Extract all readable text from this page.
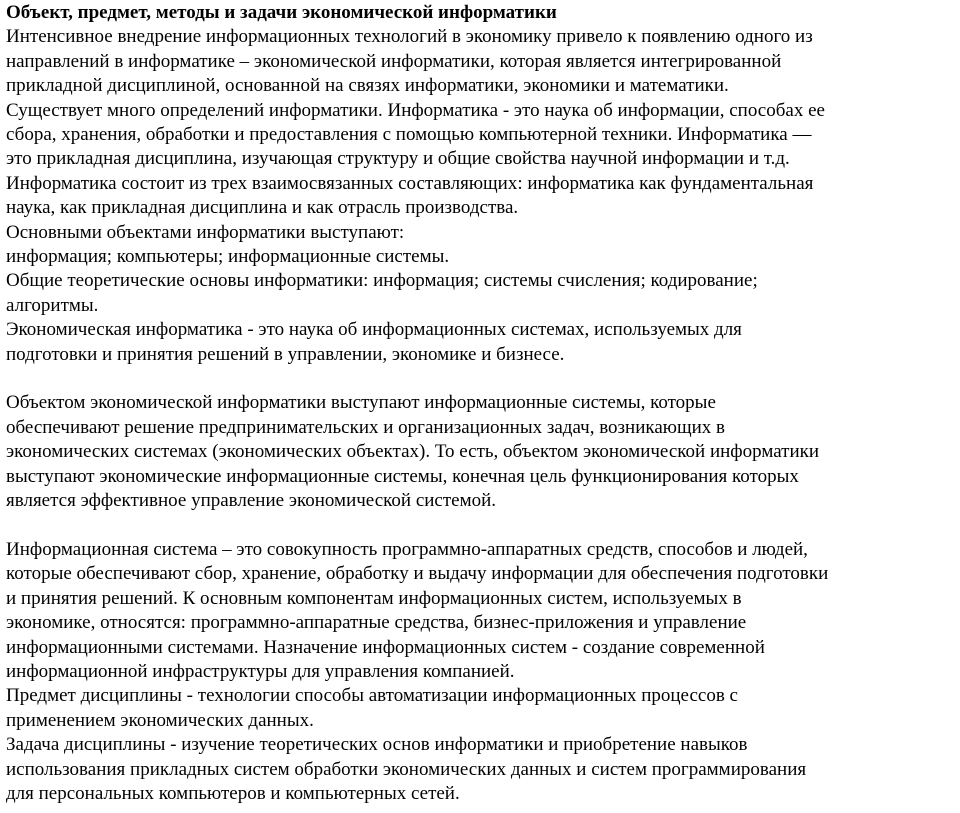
Объект, предмет, методы и задачи экономической информатики
Интенсивное внедрение информационных технологий в экономику привело к появлению одного из
направлений в информатике – экономической информатики, которая является интегрированной
прикладной дисциплиной, основанной на связях информатики, экономики и математики.
Существует много определений информатики. Информатика - это наука об информации, способах ее
сбора, хранения, обработки и предоставления с помощью компьютерной техники. Информатика —
это прикладная дисциплина, изучающая структуру и общие свойства научной информации и т.д.
Информатика состоит из трех взаимосвязанных составляющих: информатика как фундаментальная
наука, как прикладная дисциплина и как отрасль производства.
Основными объектами информатики выступают:
информация; компьютеры; информационные системы.
Общие теоретические основы информатики: информация; системы счисления; кодирование;
алгоритмы.
Экономическая информатика - это наука об информационных системах, используемых для
подготовки и принятия решений в управлении, экономике и бизнесе.
Объектом экономической информатики выступают информационные системы, которые
обеспечивают решение предпринимательских и организационных задач, возникающих в
экономических системах (экономических объектах). То есть, объектом экономической информатики
выступают экономические информационные системы, конечная цель функционирования которых
является эффективное управление экономической системой.
Информационная система – это совокупность программно-аппаратных средств, способов и людей,
которые обеспечивают сбор, хранение, обработку и выдачу информации для обеспечения подготовки
и принятия решений. К основным компонентам информационных систем, используемых в
экономике, относятся: программно-аппаратные средства, бизнес-приложения и управление
информационными системами. Назначение информационных систем - создание современной
информационной инфраструктуры для управления компанией.
Предмет дисциплины - технологии способы автоматизации информационных процессов с
применением экономических данных.
Задача дисциплины - изучение теоретических основ информатики и приобретение навыков
использования прикладных систем обработки экономических данных и систем программирования
для персональных компьютеров и компьютерных сетей.
